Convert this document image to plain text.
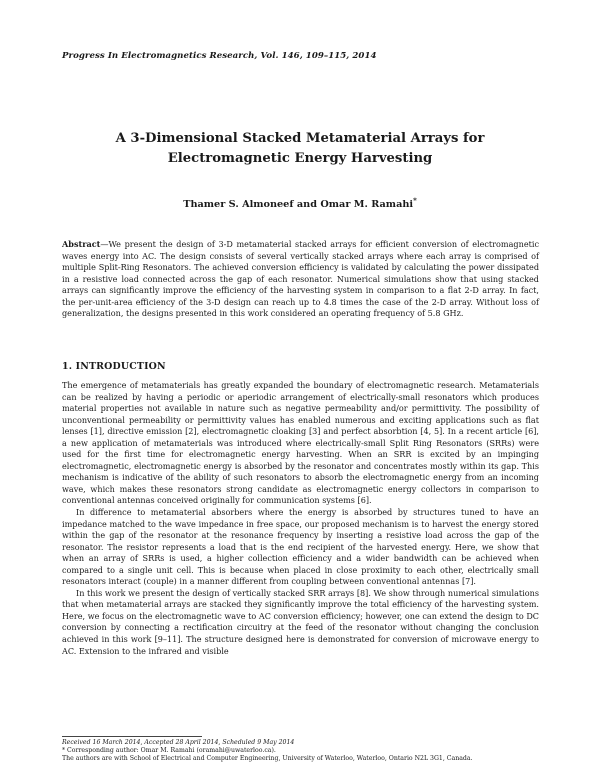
Progress In Electromagnetics Research, Vol. 146, 109–115, 2014
A 3-Dimensional Stacked Metamaterial Arrays for Electromagnetic Energy Harvesting
Thamer S. Almoneef and Omar M. Ramahi*

Abstract—We present the design of 3-D metamaterial stacked arrays for efficient conversion of electromagnetic waves energy into AC. The design consists of several vertically stacked arrays where each array is comprised of multiple Split-Ring Resonators. The achieved conversion efficiency is validated by calculating the power dissipated in a resistive load connected across the gap of each resonator. Numerical simulations show that using stacked arrays can significantly improve the efficiency of the harvesting system in comparison to a flat 2-D array. In fact, the per-unit-area efficiency of the 3-D design can reach up to 4.8 times the case of the 2-D array. Without loss of generalization, the designs presented in this work considered an operating frequency of 5.8 GHz.

1. INTRODUCTION

The emergence of metamaterials has greatly expanded the boundary of electromagnetic research. Metamaterials can be realized by having a periodic or aperiodic arrangement of electrically-small resonators which produces material properties not available in nature such as negative permeability and/or permittivity. The possibility of unconventional permeability or permittivity values has enabled numerous and exciting applications such as flat lenses [1], directive emission [2], electromagnetic cloaking [3] and perfect absorbtion [4, 5]. In a recent article [6], a new application of metamaterials was introduced where electrically-small Split Ring Resonators (SRRs) were used for the first time for electromagnetic energy harvesting. When an SRR is excited by an impinging electromagnetic, electromagnetic energy is absorbed by the resonator and concentrates mostly within its gap. This mechanism is indicative of the ability of such resonators to absorb the electromagnetic energy from an incoming wave, which makes these resonators strong candidate as electromagnetic energy collectors in comparison to conventional antennas conceived originally for communication systems [6].

In difference to metamaterial absorbers where the energy is absorbed by structures tuned to have an impedance matched to the wave impedance in free space, our proposed mechanism is to harvest the energy stored within the gap of the resonator at the resonance frequency by inserting a resistive load across the gap of the resonator. The resistor represents a load that is the end recipient of the harvested energy. Here, we show that when an array of SRRs is used, a higher collection efficiency and a wider bandwidth can be achieved when compared to a single unit cell. This is because when placed in close proximity to each other, electrically small resonators interact (couple) in a manner different from coupling between conventional antennas [7].

In this work we present the design of vertically stacked SRR arrays [8]. We show through numerical simulations that when metamaterial arrays are stacked they significantly improve the total efficiency of the harvesting system. Here, we focus on the electromagnetic wave to AC conversion efficiency; however, one can extend the design to DC conversion by connecting a rectification circuitry at the feed of the resonator without changing the conclusion achieved in this work [9–11]. The structure designed here is demonstrated for conversion of microwave energy to AC. Extension to the infrared and visible

Received 16 March 2014, Accepted 28 April 2014, Scheduled 9 May 2014
* Corresponding author: Omar M. Ramahi (oramahi@uwaterloo.ca).
The authors are with School of Electrical and Computer Engineering, University of Waterloo, Waterloo, Ontario N2L 3G1, Canada.
